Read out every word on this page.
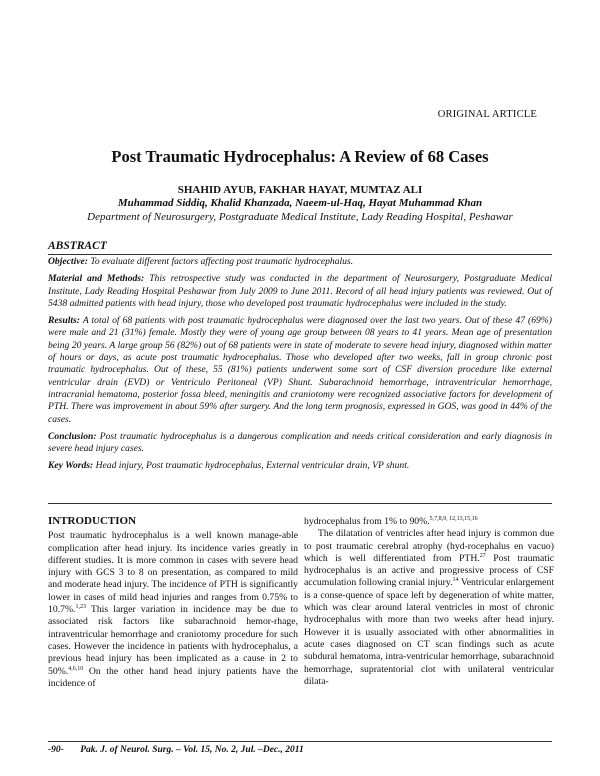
ORIGINAL ARTICLE
Post Traumatic Hydrocephalus: A Review of 68 Cases
SHAHID AYUB, FAKHAR HAYAT, MUMTAZ ALI
Muhammad Siddiq, Khalid Khanzada, Naeem-ul-Haq, Hayat Muhammad Khan
Department of Neurosurgery, Postgraduate Medical Institute, Lady Reading Hospital, Peshawar
ABSTRACT

Objective: To evaluate different factors affecting post traumatic hydrocephalus.

Material and Methods: This retrospective study was conducted in the department of Neurosurgery, Postgraduate Medical Institute, Lady Reading Hospital Peshawar from July 2009 to June 2011. Record of all head injury patients was reviewed. Out of 5438 admitted patients with head injury, those who developed post traumatic hydrocephalus were included in the study.

Results: A total of 68 patients with post traumatic hydrocephalus were diagnosed over the last two years. Out of these 47 (69%) were male and 21 (31%) female. Mostly they were of young age group between 08 years to 41 years. Mean age of presentation being 20 years. A large group 56 (82%) out of 68 patients were in state of moderate to severe head injury, diagnosed within matter of hours or days, as acute post traumatic hydrocephalus. Those who developed after two weeks, fall in group chronic post traumatic hydrocephalus. Out of these, 55 (81%) patients underwent some sort of CSF diversion procedure like external ventricular drain (EVD) or Ventriculo Peritoneal (VP) Shunt. Subarachnoid hemorrhage, intraventricular hemorrhage, intracranial hematoma, posterior fossa bleed, meningitis and craniotomy were recognized associative factors for development of PTH. There was improvement in about 59% after surgery. And the long term prognosis, expressed in GOS, was good in 44% of the cases.

Conclusion: Post traumatic hydrocephalus is a dangerous complication and needs critical consideration and early diagnosis in severe head injury cases.

Key Words: Head injury, Post traumatic hydrocephalus, External ventricular drain, VP shunt.

INTRODUCTION

Post traumatic hydrocephalus is a well known manage-able complication after head injury. Its incidence varies greatly in different studies. It is more common in cases with severe head injury with GCS 3 to 8 on presentation, as compared to mild and moderate head injury. The incidence of PTH is significantly lower in cases of mild head injuries and ranges from 0.75% to 10.7%.$^{1,23}$ This larger variation in incidence may be due to associated risk factors like subarachnoid hemor-rhage, intraventricular hemorrhage and craniotomy procedure for such cases. However the incidence in patients with hydrocephalus, a previous head injury has been implicated as a cause in 2 to 50%.$^{4,6,10}$ On the other hand head injury patients have the incidence of

hydrocephalus from 1% to 90%.$^{5,7,8,9, 12,13,15,16}$

The dilatation of ventricles after head injury is common due to post traumatic cerebral atrophy (hyd-rocephalus en vacuo) which is well differentiated from PTH.$^{27}$ Post traumatic hydrocephalus is an active and progressive process of CSF accumulation following cranial injury.$^{14}$ Ventricular enlargement is a conse-quence of space left by degeneration of white matter, which was clear around lateral ventricles in most of chronic hydrocephalus with more than two weeks after head injury. However it is usually associated with other abnormalities in acute cases diagnosed on CT scan findings such as acute subdural hematoma, intra-ventricular hemorrhage, subarachnoid hemorrhage, supratentorial clot with unilateral ventricular dilata-

-90- Pak. J. of Neurol. Surg. – Vol. 15, No. 2, Jul. –Dec., 2011
